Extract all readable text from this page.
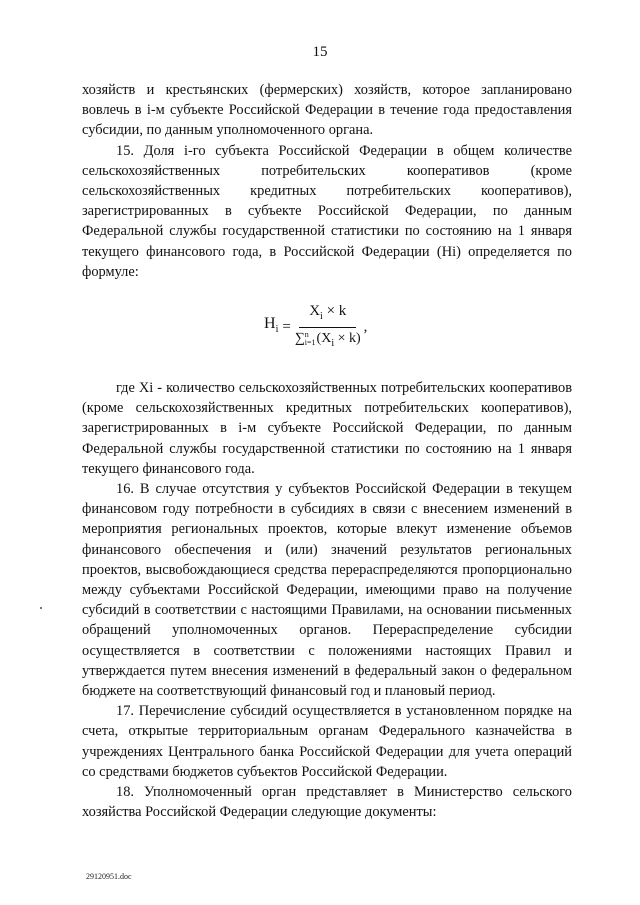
15

хозяйств и крестьянских (фермерских) хозяйств, которое запланировано вовлечь в i-м субъекте Российской Федерации в течение года предоставления субсидии, по данным уполномоченного органа.

15. Доля i-го субъекта Российской Федерации в общем количестве сельскохозяйственных потребительских кооперативов (кроме сельскохозяйственных кредитных потребительских кооперативов), зарегистрированных в субъекте Российской Федерации, по данным Федеральной службы государственной статистики по состоянию на 1 января текущего финансового года, в Российской Федерации (Hi) определяется по формуле:

$H_i = X_i \times k$
∑ n
i=1 $(X_i \times k)$ ,

где Xi - количество сельскохозяйственных потребительских кооперативов (кроме сельскохозяйственных кредитных потребительских кооперативов), зарегистрированных в i-м субъекте Российской Федерации, по данным Федеральной службы государственной статистики по состоянию на 1 января текущего финансового года.

16. В случае отсутствия у субъектов Российской Федерации в текущем финансовом году потребности в субсидиях в связи с внесением изменений в мероприятия региональных проектов, которые влекут изменение объемов финансового обеспечения и (или) значений результатов региональных проектов, высвобождающиеся средства перераспределяются пропорционально между субъектами Российской Федерации, имеющими право на получение субсидий в соответствии с настоящими Правилами, на основании письменных обращений уполномоченных органов. Перераспределение субсидии осуществляется в соответствии с положениями настоящих Правил и утверждается путем внесения изменений в федеральный закон о федеральном бюджете на соответствующий финансовый год и плановый период.

17. Перечисление субсидий осуществляется в установленном порядке на счета, открытые территориальным органам Федерального казначейства в учреждениях Центрального банка Российской Федерации для учета операций со средствами бюджетов субъектов Российской Федерации.

18. Уполномоченный орган представляет в Министерство сельского хозяйства Российской Федерации следующие документы:

29120951.doc
